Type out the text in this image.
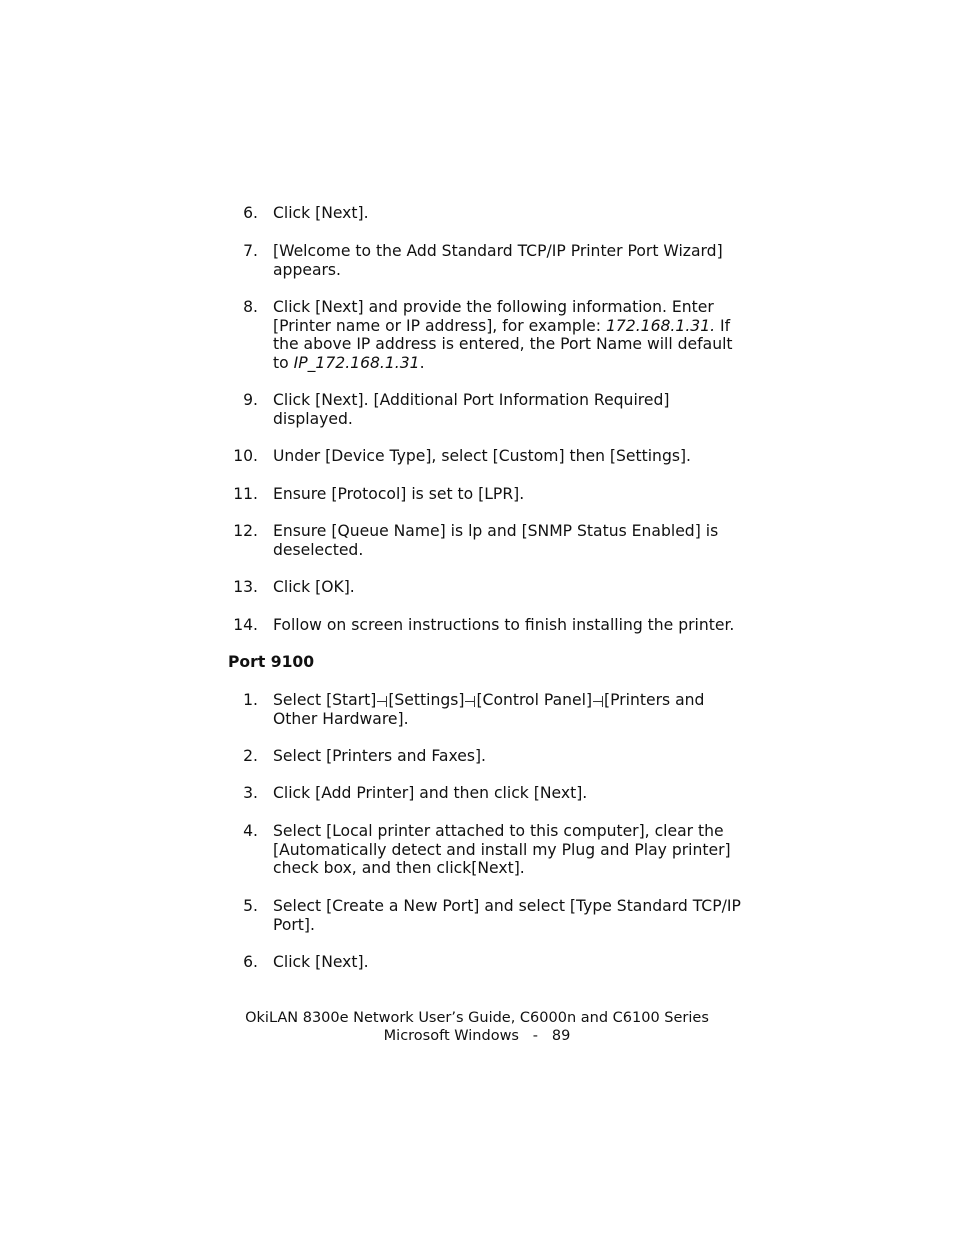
6. Click [Next].
7. [Welcome to the Add Standard TCP/IP Printer Port Wizard] appears.
8. Click [Next] and provide the following information. Enter [Printer name or IP address], for example: 172.168.1.31. If the above IP address is entered, the Port Name will default to IP_172.168.1.31.
9. Click [Next]. [Additional Port Information Required] displayed.
10. Under [Device Type], select [Custom] then [Settings].
11. Ensure [Protocol] is set to [LPR].
12. Ensure [Queue Name] is lp and [SNMP Status Enabled] is deselected.
13. Click [OK].
14. Follow on screen instructions to finish installing the printer.
Port 9100
1. Select [Start] [Settings] [Control Panel] [Printers and Other Hardware].
2. Select [Printers and Faxes].
3. Click [Add Printer] and then click [Next].
4. Select [Local printer attached to this computer], clear the [Automatically detect and install my Plug and Play printer] check box, and then click[Next].
5. Select [Create a New Port] and select [Type Standard TCP/IP Port].
6. Click [Next].
OkiLAN 8300e Network User’s Guide, C6000n and C6100 Series
Microsoft Windows   -   89
